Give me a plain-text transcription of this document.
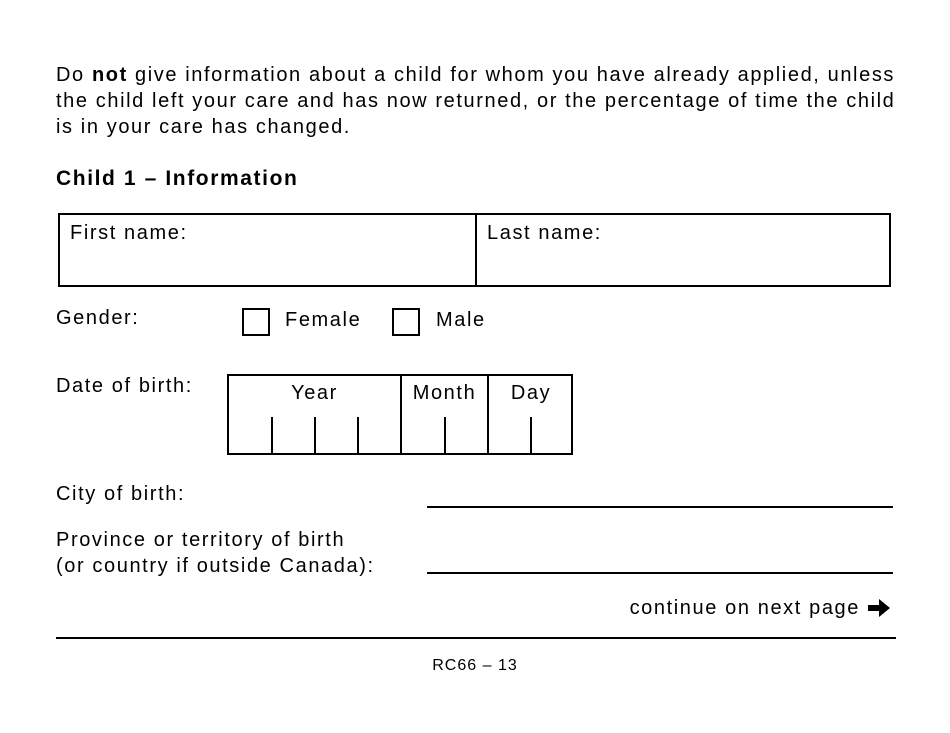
Do not give information about a child for whom you have already applied, unless the child left your care and has now returned, or the percentage of time the child is in your care has changed.
Child 1 – Information
First name:	Last name:
Gender:	Female	Male
Date of birth:	Year	Month	Day
City of birth:
Province or territory of birth
(or country if outside Canada):
continue on next page
RC66 – 13
